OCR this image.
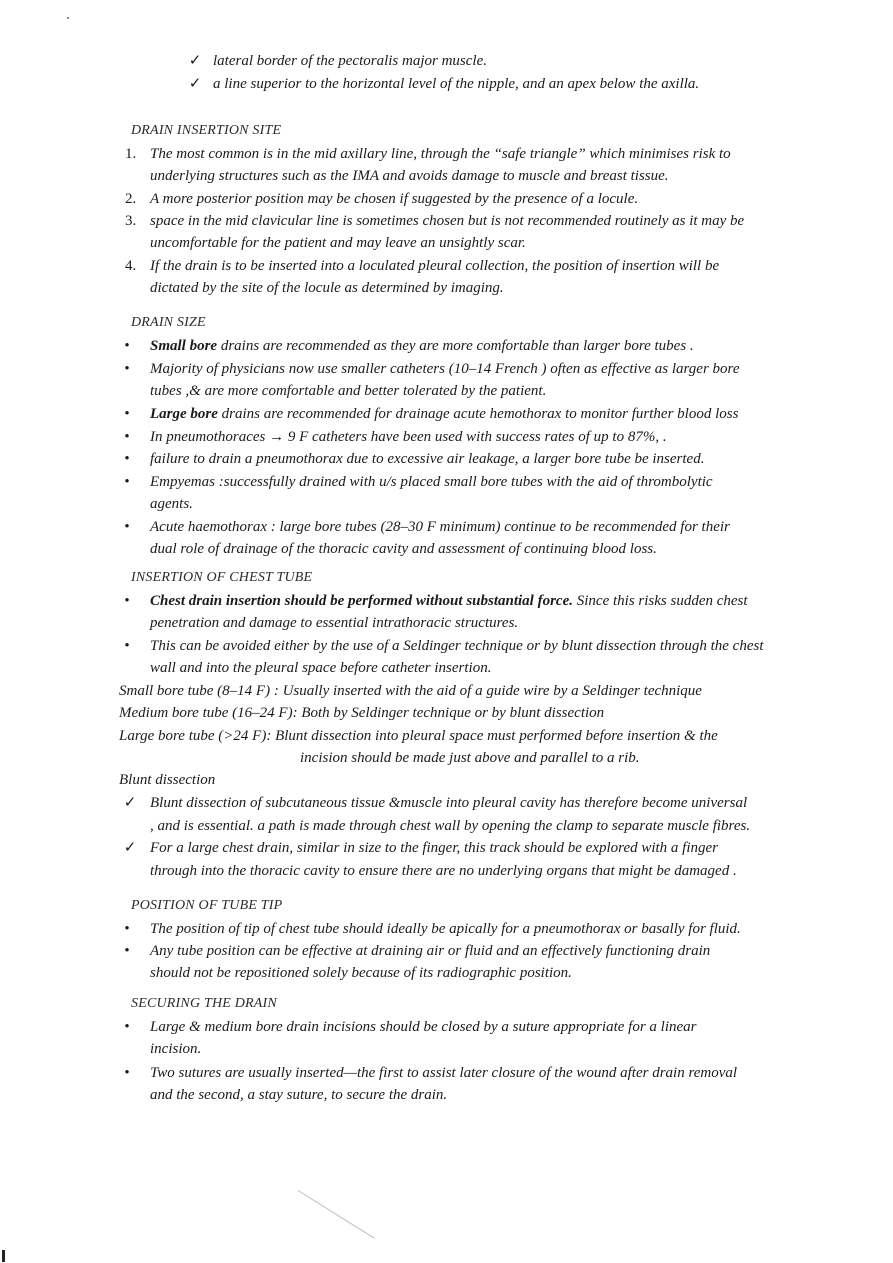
✓ lateral border of the pectoralis major muscle.
✓ a line superior to the horizontal level of the nipple, and an apex below the axilla.
DRAIN INSERTION SITE
1. The most common is in the mid axillary line, through the “safe triangle” which minimises risk to
underlying structures such as the IMA and avoids damage to muscle and breast tissue.
2. A more posterior position may be chosen if suggested by the presence of a locule.
3. space in the mid clavicular line is sometimes chosen but is not recommended routinely as it may be
uncomfortable for the patient and may leave an unsightly scar.
4. If the drain is to be inserted into a loculated pleural collection, the position of insertion will be
dictated by the site of the locule as determined by imaging.
DRAIN SIZE
•	Small bore drains are recommended as they are more comfortable than larger bore tubes .
•	Majority of physicians now use smaller catheters (10–14 French ) often as effective as larger bore
tubes ,& are more comfortable and better tolerated by the patient.
•	Large bore drains are recommended for drainage acute hemothorax to monitor further blood loss
•	In pneumothoraces → 9 F catheters have been used with success rates of up to 87%, .
•	failure to drain a pneumothorax due to excessive air leakage, a larger bore tube be inserted.
•	Empyemas :successfully drained with u/s placed small bore tubes with the aid of thrombolytic
agents.
•	Acute haemothorax : large bore tubes (28–30 F minimum) continue to be recommended for their
dual role of drainage of the thoracic cavity and assessment of continuing blood loss.
INSERTION OF CHEST TUBE
•	Chest drain insertion should be performed without substantial force. Since this risks sudden chest
penetration and damage to essential intrathoracic structures.
•	This can be avoided either by the use of a Seldinger technique or by blunt dissection through the chest
wall and into the pleural space before catheter insertion.
Small bore tube (8–14 F) : Usually inserted with the aid of a guide wire by a Seldinger technique
Medium bore tube (16–24 F): Both by Seldinger technique or by blunt dissection
Large bore tube (>24 F): Blunt dissection into pleural space must performed before insertion & the
incision should be made just above and parallel to a rib.
Blunt dissection
✓ Blunt dissection of subcutaneous tissue &muscle into pleural cavity has therefore become universal
, and is essential. a path is made through chest wall by opening the clamp to separate muscle fibres.
✓ For a large chest drain, similar in size to the finger, this track should be explored with a finger
through into the thoracic cavity to ensure there are no underlying organs that might be damaged .
POSITION OF TUBE TIP
•	The position of tip of chest tube should ideally be apically for a pneumothorax or basally for fluid.
•	Any tube position can be effective at draining air or fluid and an effectively functioning drain
should not be repositioned solely because of its radiographic position.
SECURING THE DRAIN
•	Large & medium bore drain incisions should be closed by a suture appropriate for a linear
incision.
•	Two sutures are usually inserted—the first to assist later closure of the wound after drain removal
and the second, a stay suture, to secure the drain.
